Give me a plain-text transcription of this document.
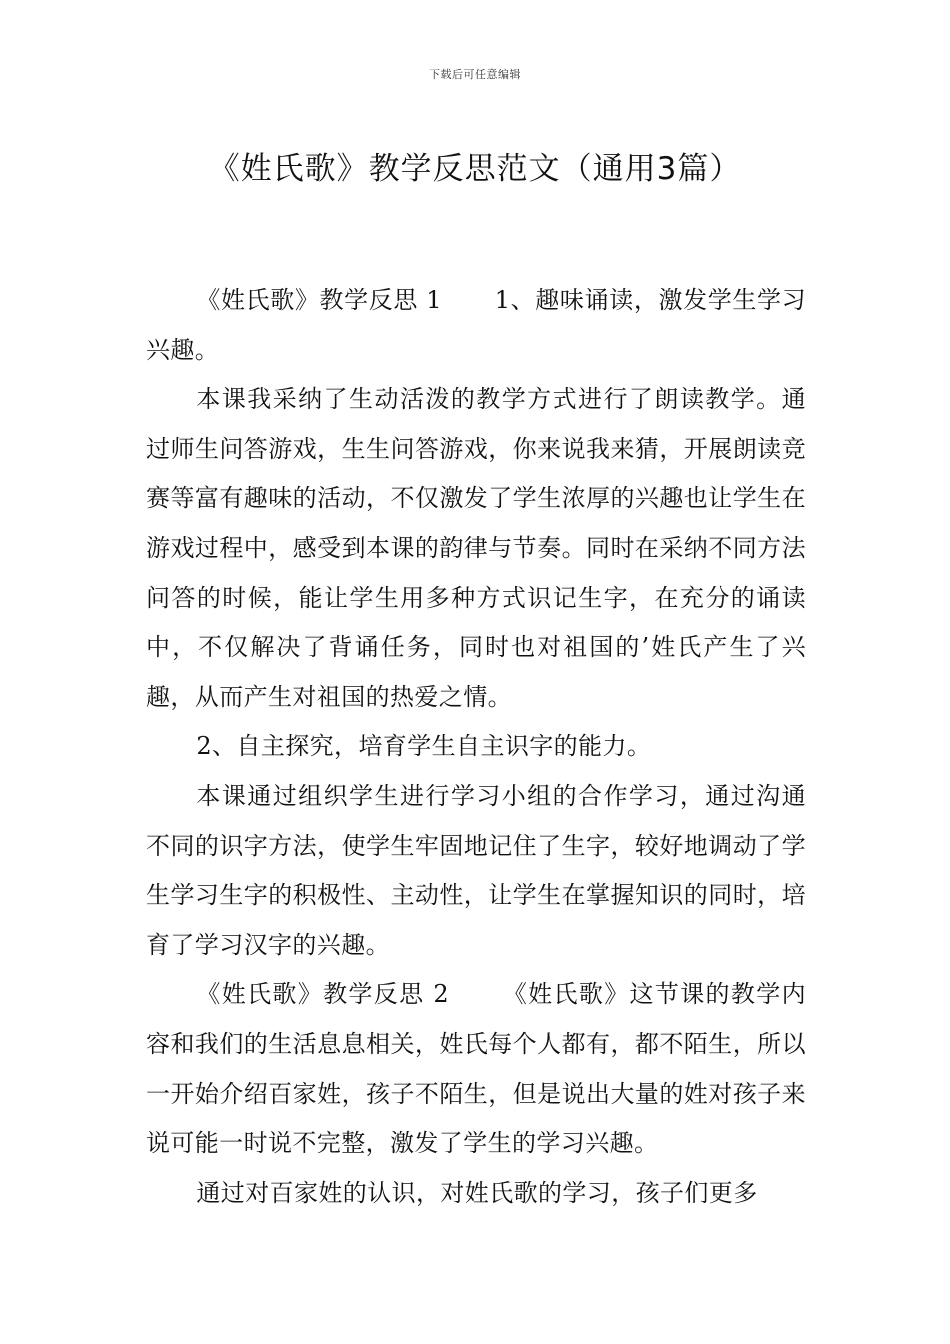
下载后可任意编辑
《姓氏歌》教学反思范文（通用3篇）

《姓氏歌》教学反思 1 1、趣味诵读，激发学生学习兴趣。

本课我采纳了生动活泼的教学方式进行了朗读教学。通过师生问答游戏，生生问答游戏，你来说我来猜，开展朗读竞赛等富有趣味的活动，不仅激发了学生浓厚的兴趣也让学生在游戏过程中，感受到本课的韵律与节奏。同时在采纳不同方法问答的时候，能让学生用多种方式识记生字，在充分的诵读中，不仅解决了背诵任务，同时也对祖国的’姓氏产生了兴趣，从而产生对祖国的热爱之情。

2、自主探究，培育学生自主识字的能力。

本课通过组织学生进行学习小组的合作学习，通过沟通不同的识字方法，使学生牢固地记住了生字，较好地调动了学生学习生字的积极性、主动性，让学生在掌握知识的同时，培育了学习汉字的兴趣。

《姓氏歌》教学反思 2 《姓氏歌》这节课的教学内容和我们的生活息息相关，姓氏每个人都有，都不陌生，所以一开始介绍百家姓，孩子不陌生，但是说出大量的姓对孩子来说可能一时说不完整，激发了学生的学习兴趣。

通过对百家姓的认识，对姓氏歌的学习，孩子们更多
